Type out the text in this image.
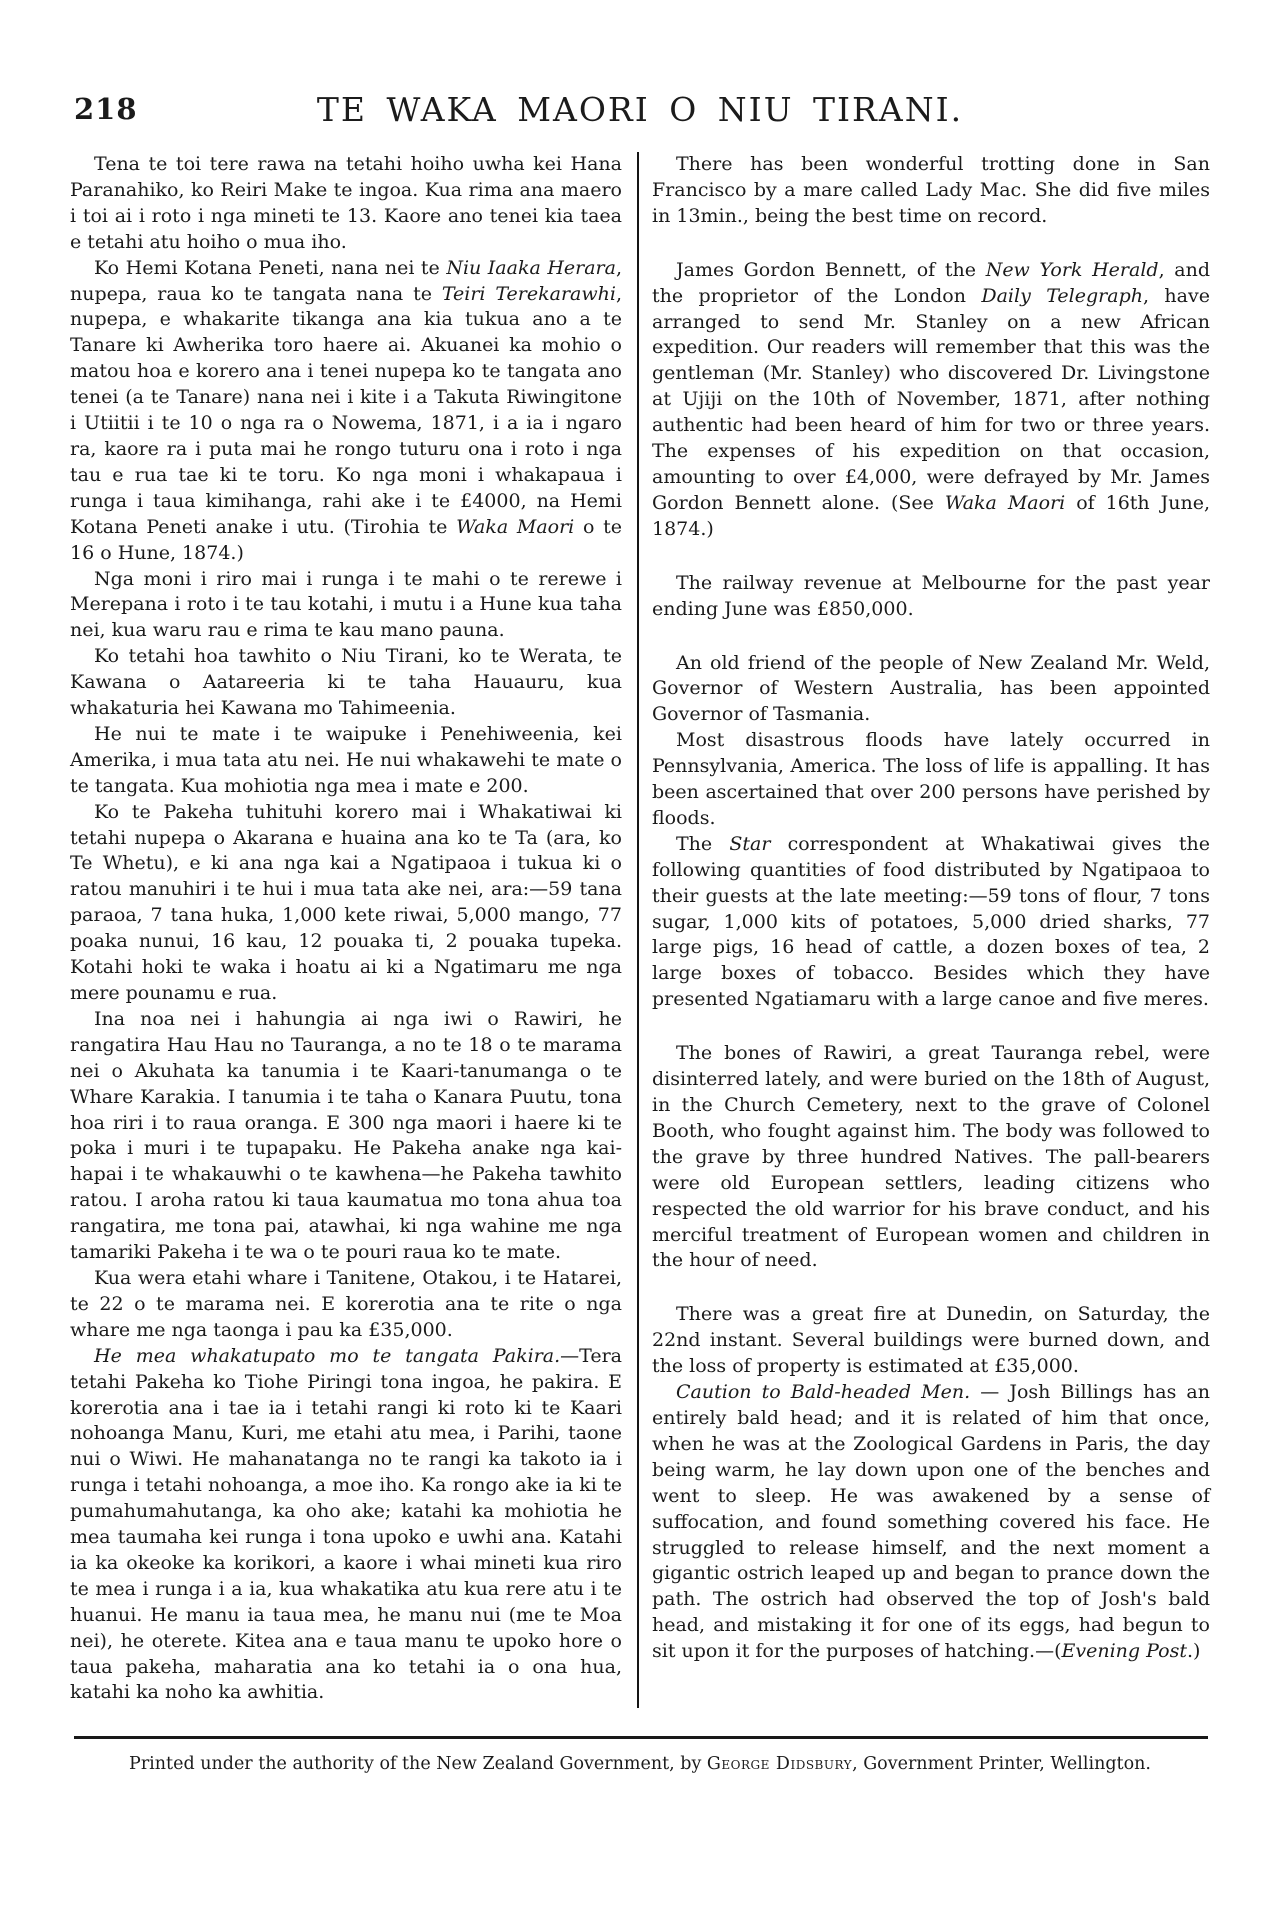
218	TE WAKA MAORI O NIU TIRANI.

Tena te toi tere rawa na tetahi hoiho uwha kei Hana Paranahiko, ko Reiri Make te ingoa. Kua rima ana maero i toi ai i roto i nga mineti te 13. Kaore ano tenei kia taea e tetahi atu hoiho o mua iho.

Ko Hemi Kotana Peneti, nana nei te Niu Iaaka Herara, nupepa, raua ko te tangata nana te Teiri Terekarawhi, nupepa, e whakarite tikanga ana kia tukua ano a te Tanare ki Awherika toro haere ai. Akuanei ka mohio o matou hoa e korero ana i tenei nupepa ko te tangata ano tenei (a te Tanare) nana nei i kite i a Takuta Riwingitone i Utiitii i te 10 o nga ra o Nowema, 1871, i a ia i ngaro ra, kaore ra i puta mai he rongo tuturu ona i roto i nga tau e rua tae ki te toru. Ko nga moni i whakapaua i runga i taua kimihanga, rahi ake i te £4000, na Hemi Kotana Peneti anake i utu. (Tirohia te Waka Maori o te 16 o Hune, 1874.)

Nga moni i riro mai i runga i te mahi o te rerewe i Merepana i roto i te tau kotahi, i mutu i a Hune kua taha nei, kua waru rau e rima te kau mano pauna.

Ko tetahi hoa tawhito o Niu Tirani, ko te Werata, te Kawana o Aatareeria ki te taha Hauauru, kua whakaturia hei Kawana mo Tahimeenia.

He nui te mate i te waipuke i Penehiweenia, kei Amerika, i mua tata atu nei. He nui whakawehi te mate o te tangata. Kua mohiotia nga mea i mate e 200.

Ko te Pakeha tuhituhi korero mai i Whakatiwai ki tetahi nupepa o Akarana e huaina ana ko te Ta (ara, ko Te Whetu), e ki ana nga kai a Ngatipaoa i tukua ki o ratou manuhiri i te hui i mua tata ake nei, ara:—59 tana paraoa, 7 tana huka, 1,000 kete riwai, 5,000 mango, 77 poaka nunui, 16 kau, 12 pouaka ti, 2 pouaka tupeka. Kotahi hoki te waka i hoatu ai ki a Ngatimaru me nga mere pounamu e rua.

Ina noa nei i hahungia ai nga iwi o Rawiri, he rangatira Hau Hau no Tauranga, a no te 18 o te marama nei o Akuhata ka tanumia i te Kaari-tanumanga o te Whare Karakia. I tanumia i te taha o Kanara Puutu, tona hoa riri i to raua oranga. E 300 nga maori i haere ki te poka i muri i te tupapaku. He Pakeha anake nga kai-hapai i te whakauwhi o te kawhena—he Pakeha tawhito ratou. I aroha ratou ki taua kaumatua mo tona ahua toa rangatira, me tona pai, atawhai, ki nga wahine me nga tamariki Pakeha i te wa o te pouri raua ko te mate.

Kua wera etahi whare i Tanitene, Otakou, i te Hatarei, te 22 o te marama nei. E korerotia ana te rite o nga whare me nga taonga i pau ka £35,000.

He mea whakatupato mo te tangata Pakira.—Tera tetahi Pakeha ko Tiohe Piringi tona ingoa, he pakira. E korerotia ana i tae ia i tetahi rangi ki roto ki te Kaari nohoanga Manu, Kuri, me etahi atu mea, i Parihi, taone nui o Wiwi. He mahanatanga no te rangi ka takoto ia i runga i tetahi nohoanga, a moe iho. Ka rongo ake ia ki te pumahumahutanga, ka oho ake; katahi ka mohiotia he mea taumaha kei runga i tona upoko e uwhi ana. Katahi ia ka okeoke ka korikori, a kaore i whai mineti kua riro te mea i runga i a ia, kua whakatika atu kua rere atu i te huanui. He manu ia taua mea, he manu nui (me te Moa nei), he oterete. Kitea ana e taua manu te upoko hore o taua pakeha, maharatia ana ko tetahi ia o ona hua, katahi ka noho ka awhitia.

There has been wonderful trotting done in San Francisco by a mare called Lady Mac. She did five miles in 13min., being the best time on record.

James Gordon Bennett, of the New York Herald, and the proprietor of the London Daily Telegraph, have arranged to send Mr. Stanley on a new African expedition. Our readers will remember that this was the gentleman (Mr. Stanley) who discovered Dr. Livingstone at Ujiji on the 10th of November, 1871, after nothing authentic had been heard of him for two or three years. The expenses of his expedition on that occasion, amounting to over £4,000, were defrayed by Mr. James Gordon Bennett alone. (See Waka Maori of 16th June, 1874.)

The railway revenue at Melbourne for the past year ending June was £850,000.

An old friend of the people of New Zealand Mr. Weld, Governor of Western Australia, has been appointed Governor of Tasmania.

Most disastrous floods have lately occurred in Pennsylvania, America. The loss of life is appalling. It has been ascertained that over 200 persons have perished by floods.

The Star correspondent at Whakatiwai gives the following quantities of food distributed by Ngatipaoa to their guests at the late meeting:—59 tons of flour, 7 tons sugar, 1,000 kits of potatoes, 5,000 dried sharks, 77 large pigs, 16 head of cattle, a dozen boxes of tea, 2 large boxes of tobacco. Besides which they have presented Ngatiamaru with a large canoe and five meres.

The bones of Rawiri, a great Tauranga rebel, were disinterred lately, and were buried on the 18th of August, in the Church Cemetery, next to the grave of Colonel Booth, who fought against him. The body was followed to the grave by three hundred Natives. The pall-bearers were old European settlers, leading citizens who respected the old warrior for his brave conduct, and his merciful treatment of European women and children in the hour of need.

There was a great fire at Dunedin, on Saturday, the 22nd instant. Several buildings were burned down, and the loss of property is estimated at £35,000.

Caution to Bald-headed Men. — Josh Billings has an entirely bald head; and it is related of him that once, when he was at the Zoological Gardens in Paris, the day being warm, he lay down upon one of the benches and went to sleep. He was awakened by a sense of suffocation, and found something covered his face. He struggled to release himself, and the next moment a gigantic ostrich leaped up and began to prance down the path. The ostrich had observed the top of Josh's bald head, and mistaking it for one of its eggs, had begun to sit upon it for the purposes of hatching.—(Evening Post.)

Printed under the authority of the New Zealand Government, by George Didsbury, Government Printer, Wellington.
